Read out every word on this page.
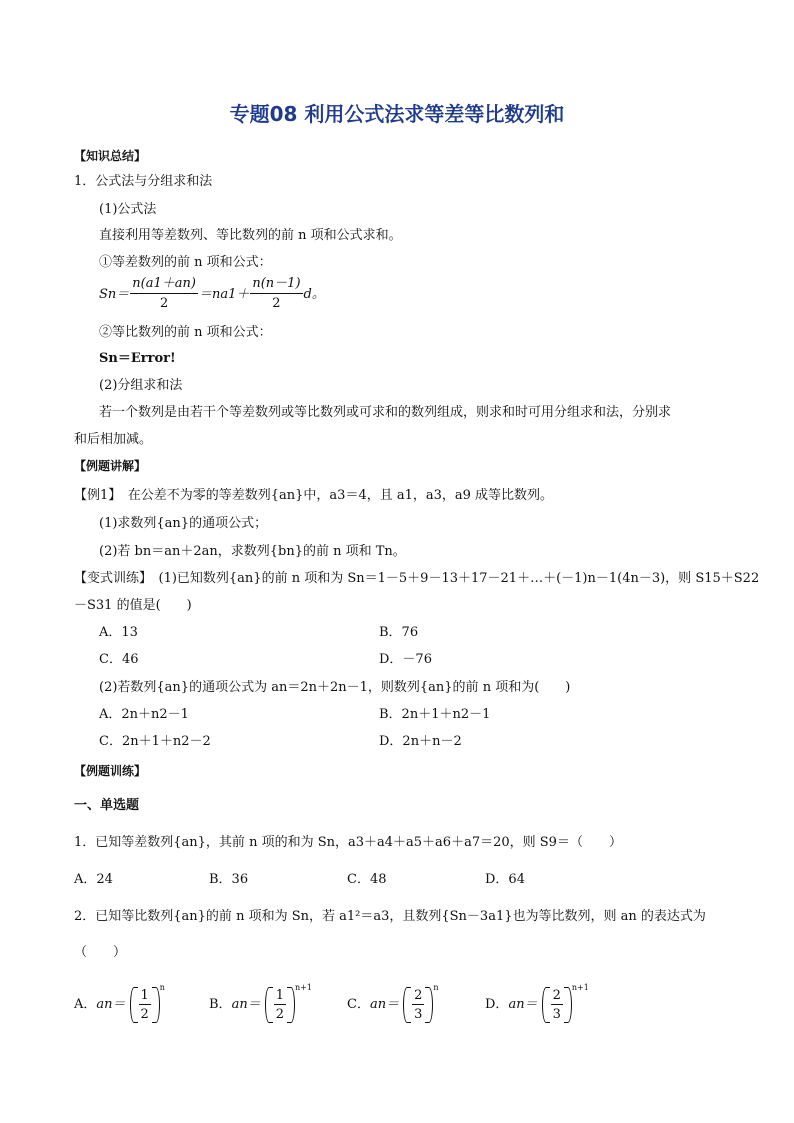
专题08 利用公式法求等差等比数列和
【知识总结】
1．公式法与分组求和法
(1)公式法
直接利用等差数列、等比数列的前 n 项和公式求和。
①等差数列的前 n 项和公式：
$Sn= \frac{n(a1+an)}{2} =na1+ \frac{n(n-1)}{2}$ d。
②等比数列的前 n 项和公式：
Sn＝Error!
(2)分组求和法
若一个数列是由若干个等差数列或等比数列或可求和的数列组成，则求和时可用分组求和法，分别求
和后相加减。
【例题讲解】
【例1】　在公差不为零的等差数列{an}中，a3＝4，且 a1，a3，a9 成等比数列。
(1)求数列{an}的通项公式；
(2)若 bn＝an＋2an，求数列{bn}的前 n 项和 Tn。
【变式训练】　(1)已知数列{an}的前 n 项和为 Sn＝1－5＋9－13＋17－21＋…＋(－1)n－1(4n－3)，则 S15＋S22
－S31 的值是(　　)
A．13	B．76
C．46	D．－76
(2)若数列{an}的通项公式为 an＝2n＋2n－1，则数列{an}的前 n 项和为(　　)
A．2n＋n2－1	B．2n＋1＋n2－1
C．2n＋1＋n2－2	D．2n＋n－2
【例题训练】
一、单选题
1．已知等差数列{an}，其前 n 项的和为 Sn，a3＋a4＋a5＋a6＋a7＝20，则 S9＝（　　）
A．24	B．36	C．48	D．64
2．已知等比数列{an}的前 n 项和为 Sn，若 a1²＝a3，且数列{Sn－3a1}也为等比数列，则 an 的表达式为
（　　）
A．$an= \frac{1}{2}$
$^n$
B．$an= \frac{1}{2}$
$^{n+1}$
C．$an= \frac{2}{3}$
$^n$
D．$an= \frac{2}{3}$
$^{n+1}$
